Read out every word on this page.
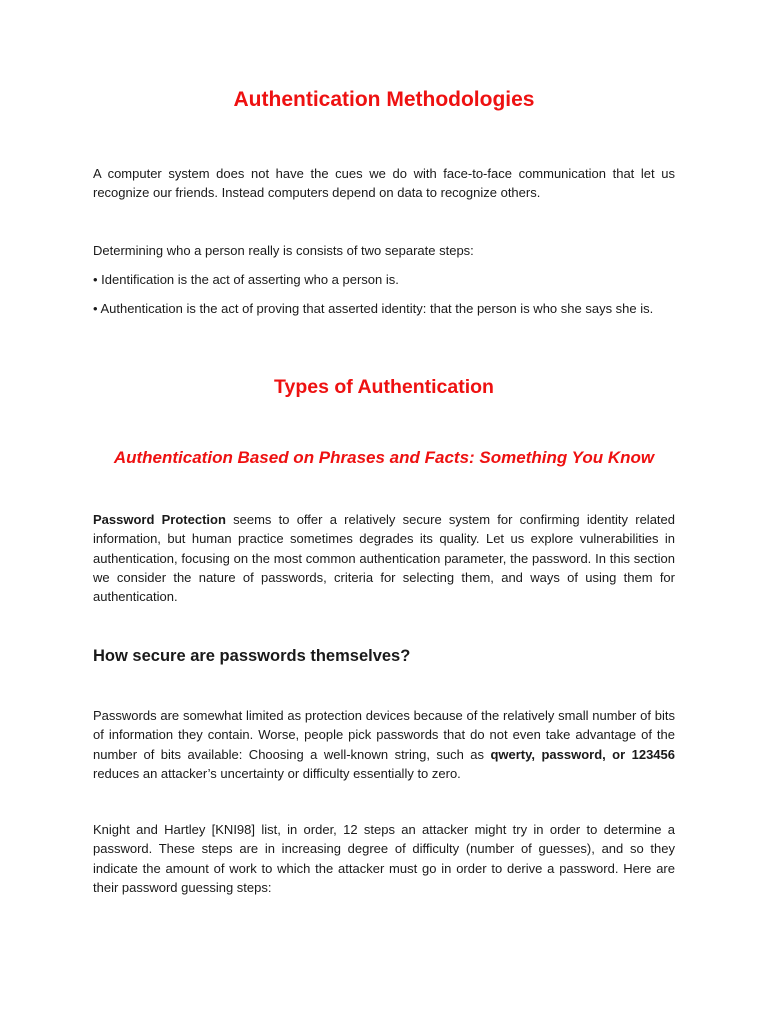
Authentication Methodologies

A computer system does not have the cues we do with face-to-face communication that let us recognize our friends. Instead computers depend on data to recognize others.

Determining who a person really is consists of two separate steps:

• Identification is the act of asserting who a person is.

• Authentication is the act of proving that asserted identity: that the person is who she says she is.

Types of Authentication
Authentication Based on Phrases and Facts: Something You Know

Password Protection seems to offer a relatively secure system for confirming identity related information, but human practice sometimes degrades its quality. Let us explore vulnerabilities in authentication, focusing on the most common authentication parameter, the password. In this section we consider the nature of passwords, criteria for selecting them, and ways of using them for authentication.

How secure are passwords themselves?

Passwords are somewhat limited as protection devices because of the relatively small number of bits of information they contain. Worse, people pick passwords that do not even take advantage of the number of bits available: Choosing a well-known string, such as qwerty, password, or 123456 reduces an attacker’s uncertainty or difficulty essentially to zero.

Knight and Hartley [KNI98] list, in order, 12 steps an attacker might try in order to determine a password. These steps are in increasing degree of difficulty (number of guesses), and so they indicate the amount of work to which the attacker must go in order to derive a password. Here are their password guessing steps:
